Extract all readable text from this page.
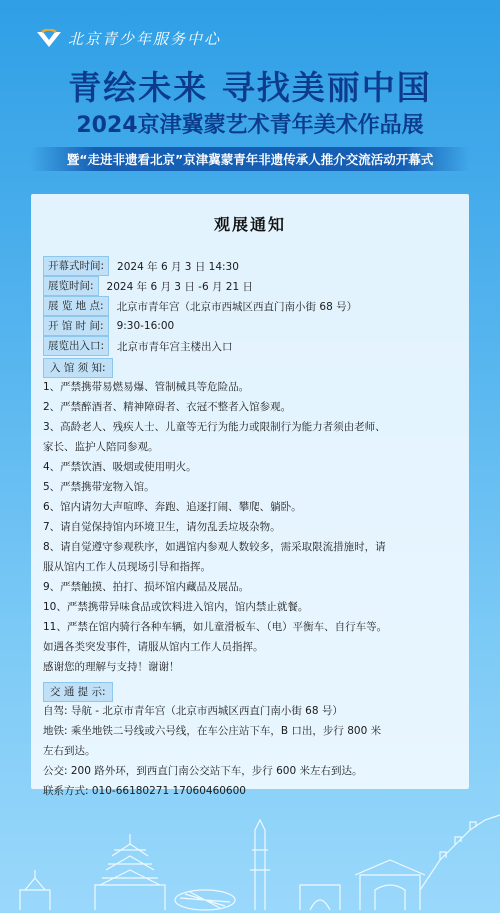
北京青少年服务中心
青绘未来 寻找美丽中国
2024京津冀蒙艺术青年美术作品展
暨“走进非遗看北京”京津冀蒙青年非遗传承人推介交流活动开幕式
观展通知
开幕式时间:	2024 年 6 月 3 日 14:30
展览时间:	2024 年 6 月 3 日 -6 月 21 日
展 览 地 点:	北京市青年宫（北京市西城区西直门南小街 68 号）
开 馆 时 间:	9:30-16:00
展览出入口:	北京市青年宫主楼出入口
入 馆 须 知:
1、严禁携带易燃易爆、管制械具等危险品。
2、严禁醉酒者、精神障碍者、衣冠不整者入馆参观。
3、高龄老人、残疾人士、儿童等无行为能力或限制行为能力者须由老师、
家长、监护人陪同参观。
4、严禁饮酒、吸烟或使用明火。
5、严禁携带宠物入馆。
6、馆内请勿大声喧哗、奔跑、追逐打闹、攀爬、躺卧。
7、请自觉保持馆内环境卫生，请勿乱丢垃圾杂物。
8、请自觉遵守参观秩序，如遇馆内参观人数较多，需采取限流措施时，请
服从馆内工作人员现场引导和指挥。
9、严禁触摸、拍打、损坏馆内藏品及展品。
10、严禁携带异味食品或饮料进入馆内，馆内禁止就餐。
11、严禁在馆内骑行各种车辆，如儿童滑板车、（电）平衡车、自行车等。
如遇各类突发事件，请服从馆内工作人员指挥。
感谢您的理解与支持！谢谢！
交 通 提 示:
自驾: 导航 - 北京市青年宫（北京市西城区西直门南小街 68 号）
地铁: 乘坐地铁二号线或六号线，在车公庄站下车，B 口出，步行 800 米
左右到达。
公交: 200 路外环，到西直门南公交站下车，步行 600 米左右到达。
联系方式: 010-66180271 17060460600
